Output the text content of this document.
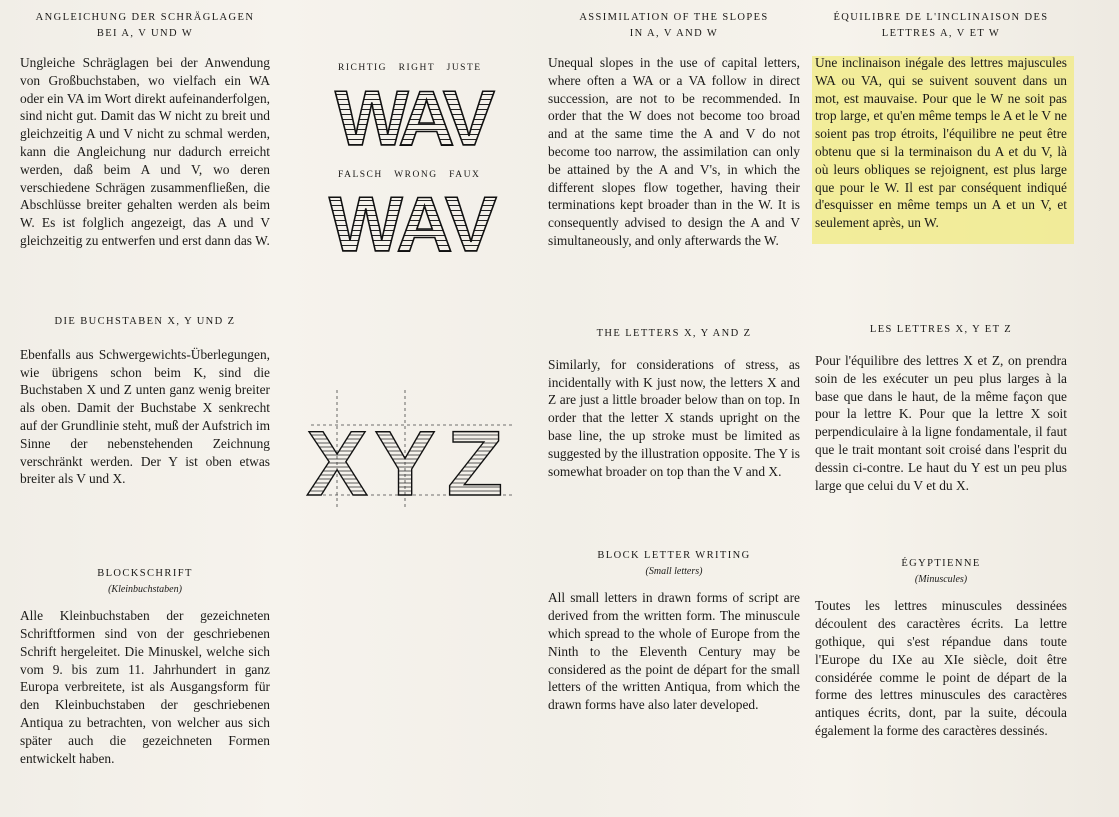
ANGLEICHUNG DER SCHRÄGLAGEN
BEI A, V UND W

Ungleiche Schräglagen bei der Anwendung von Großbuchstaben, wo vielfach ein WA oder ein VA im Wort direkt aufeinanderfolgen, sind nicht gut. Damit das W nicht zu breit und gleichzeitig A und V nicht zu schmal werden, kann die Angleichung nur dadurch erreicht werden, daß beim A und V, wo deren verschiedene Schrägen zusammenfließen, die Abschlüsse breiter gehalten werden als beim W. Es ist folglich angezeigt, das A und V gleichzeitig zu entwerfen und erst dann das W.

DIE BUCHSTABEN X, Y UND Z

Ebenfalls aus Schwergewichts-Überlegungen, wie übrigens schon beim K, sind die Buchstaben X und Z unten ganz wenig breiter als oben. Damit der Buchstabe X senkrecht auf der Grundlinie steht, muß der Aufstrich im Sinne der nebenstehenden Zeichnung verschränkt werden. Der Y ist oben etwas breiter als V und X.

BLOCKSCHRIFT
(Kleinbuchstaben)

Alle Kleinbuchstaben der gezeichneten Schriftformen sind von der geschriebenen Schrift hergeleitet. Die Minuskel, welche sich vom 9. bis zum 11. Jahrhundert in ganz Europa verbreitete, ist als Ausgangsform für den Kleinbuchstaben der geschriebenen Antiqua zu betrachten, von welcher aus sich später auch die gezeichneten Formen entwickelt haben.

RICHTIG   RIGHT   JUSTE
WAV
FALSCH   WRONG   FAUX
WAV
X Y Z
ASSIMILATION OF THE SLOPES
IN A, V AND W

Unequal slopes in the use of capital letters, where often a WA or a VA follow in direct succession, are not to be recommended. In order that the W does not become too broad and at the same time the A and V do not become too narrow, the assimilation can only be attained by the A and V's, in which the different slopes flow together, having their terminations kept broader than in the W. It is consequently advised to design the A and V simultaneously, and only afterwards the W.

THE LETTERS X, Y AND Z

Similarly, for considerations of stress, as incidentally with K just now, the letters X and Z are just a little broader below than on top. In order that the letter X stands upright on the base line, the up stroke must be limited as suggested by the illustration opposite. The Y is somewhat broader on top than the V and X.

BLOCK LETTER WRITING
(Small letters)

All small letters in drawn forms of script are derived from the written form. The minuscule which spread to the whole of Europe from the Ninth to the Eleventh Century may be considered as the point de départ for the small letters of the written Antiqua, from which the drawn forms have also later developed.

ÉQUILIBRE DE L'INCLINAISON DES
LETTRES A, V ET W

Une inclinaison inégale des lettres majuscules WA ou VA, qui se suivent souvent dans un mot, est mauvaise. Pour que le W ne soit pas trop large, et qu'en même temps le A et le V ne soient pas trop étroits, l'équilibre ne peut être obtenu que si la terminaison du A et du V, là où leurs obliques se rejoignent, est plus large que pour le W. Il est par conséquent indiqué d'esquisser en même temps un A et un V, et seulement après, un W.

LES LETTRES X, Y ET Z

Pour l'équilibre des lettres X et Z, on prendra soin de les exécuter un peu plus larges à la base que dans le haut, de la même façon que pour la lettre K. Pour que la lettre X soit perpendiculaire à la ligne fondamentale, il faut que le trait montant soit croisé dans l'esprit du dessin ci-contre. Le haut du Y est un peu plus large que celui du V et du X.

ÉGYPTIENNE
(Minuscules)

Toutes les lettres minuscules dessinées découlent des caractères écrits. La lettre gothique, qui s'est répandue dans toute l'Europe du IXe au XIe siècle, doit être considérée comme le point de départ de la forme des lettres minuscules des caractères antiques écrits, dont, par la suite, découla également la forme des caractères dessinés.
